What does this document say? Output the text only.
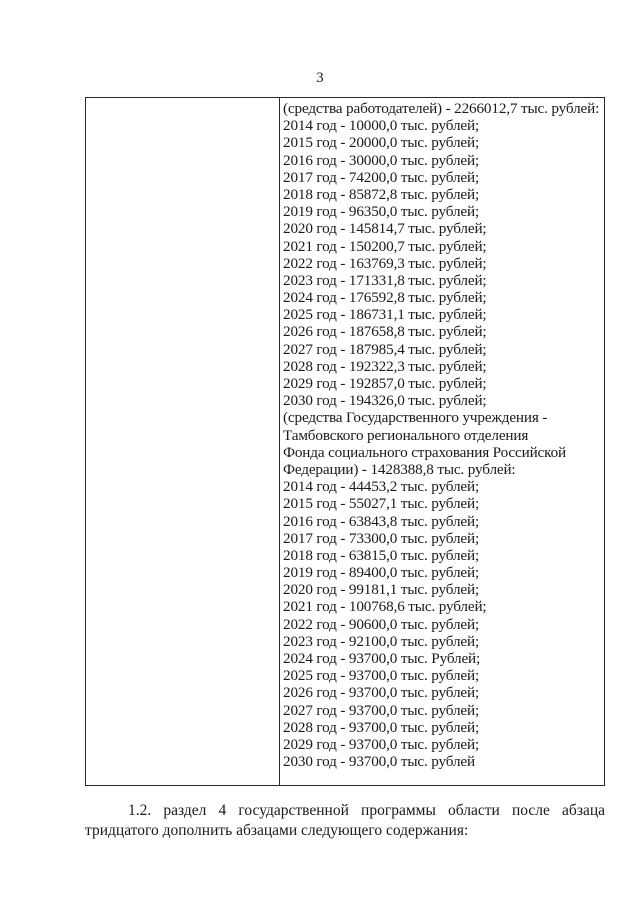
3
(средства работодателей) - 2266012,7 тыс. рублей:
2014 год - 10000,0 тыс. рублей;
2015 год - 20000,0 тыс. рублей;
2016 год - 30000,0 тыс. рублей;
2017 год - 74200,0 тыс. рублей;
2018 год - 85872,8 тыс. рублей;
2019 год - 96350,0 тыс. рублей;
2020 год - 145814,7 тыс. рублей;
2021 год - 150200,7 тыс. рублей;
2022 год - 163769,3 тыс. рублей;
2023 год - 171331,8 тыс. рублей;
2024 год - 176592,8 тыс. рублей;
2025 год - 186731,1 тыс. рублей;
2026 год - 187658,8 тыс. рублей;
2027 год - 187985,4 тыс. рублей;
2028 год - 192322,3 тыс. рублей;
2029 год - 192857,0 тыс. рублей;
2030 год - 194326,0 тыс. рублей;
(средства Государственного учреждения -
Тамбовского регионального отделения
Фонда социального страхования Российской
Федерации) - 1428388,8 тыс. рублей:
2014 год - 44453,2 тыс. рублей;
2015 год - 55027,1 тыс. рублей;
2016 год - 63843,8 тыс. рублей;
2017 год - 73300,0 тыс. рублей;
2018 год - 63815,0 тыс. рублей;
2019 год - 89400,0 тыс. рублей;
2020 год - 99181,1 тыс. рублей;
2021 год - 100768,6 тыс. рублей;
2022 год - 90600,0 тыс. рублей;
2023 год - 92100,0 тыс. рублей;
2024 год - 93700,0 тыс. Рублей;
2025 год - 93700,0 тыс. рублей;
2026 год - 93700,0 тыс. рублей;
2027 год - 93700,0 тыс. рублей;
2028 год - 93700,0 тыс. рублей;
2029 год - 93700,0 тыс. рублей;
2030 год - 93700,0 тыс. рублей
1.2. раздел 4 государственной программы области после абзаца
тридцатого дополнить абзацами следующего содержания:
